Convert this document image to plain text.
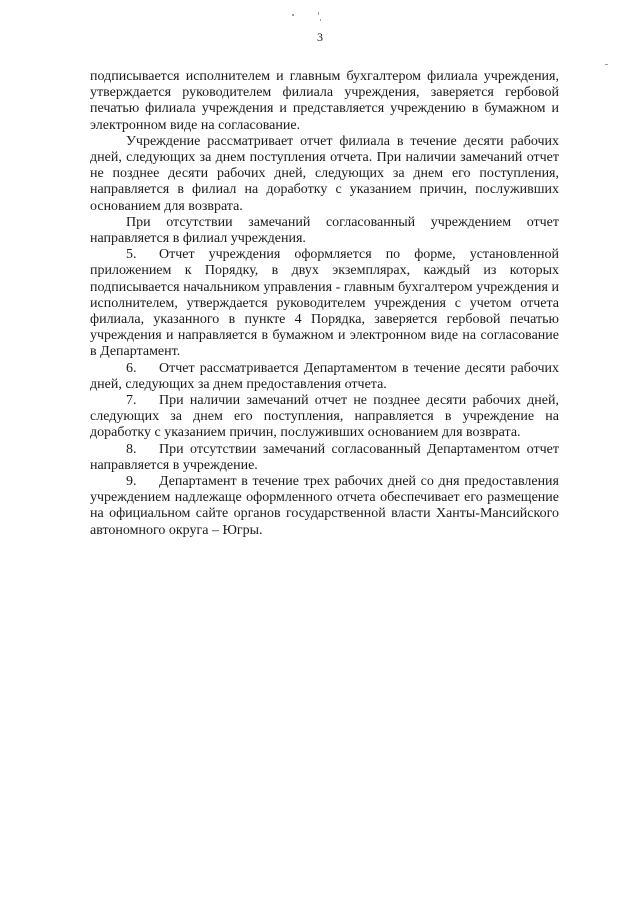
3

подписывается исполнителем и главным бухгалтером филиала учреждения, утверждается руководителем филиала учреждения, заверяется гербовой печатью филиала учреждения и представляется учреждению в бумажном и электронном виде на согласование.

Учреждение рассматривает отчет филиала в течение десяти рабочих дней, следующих за днем поступления отчета. При наличии замечаний отчет не позднее десяти рабочих дней, следующих за днем его поступления, направляется в филиал на доработку с указанием причин, послуживших основанием для возврата.

При отсутствии замечаний согласованный учреждением отчет направляется в филиал учреждения.

5. Отчет учреждения оформляется по форме, установленной приложением к Порядку, в двух экземплярах, каждый из которых подписывается начальником управления - главным бухгалтером учреждения и исполнителем, утверждается руководителем учреждения с учетом отчета филиала, указанного в пункте 4 Порядка, заверяется гербовой печатью учреждения и направляется в бумажном и электронном виде на согласование в Департамент.

6. Отчет рассматривается Департаментом в течение десяти рабочих дней, следующих за днем предоставления отчета.

7. При наличии замечаний отчет не позднее десяти рабочих дней, следующих за днем его поступления, направляется в учреждение на доработку с указанием причин, послуживших основанием для возврата.

8. При отсутствии замечаний согласованный Департаментом отчет направляется в учреждение.

9. Департамент в течение трех рабочих дней со дня предоставления учреждением надлежаще оформленного отчета обеспечивает его размещение на официальном сайте органов государственной власти Ханты-Мансийского автономного округа – Югры.
